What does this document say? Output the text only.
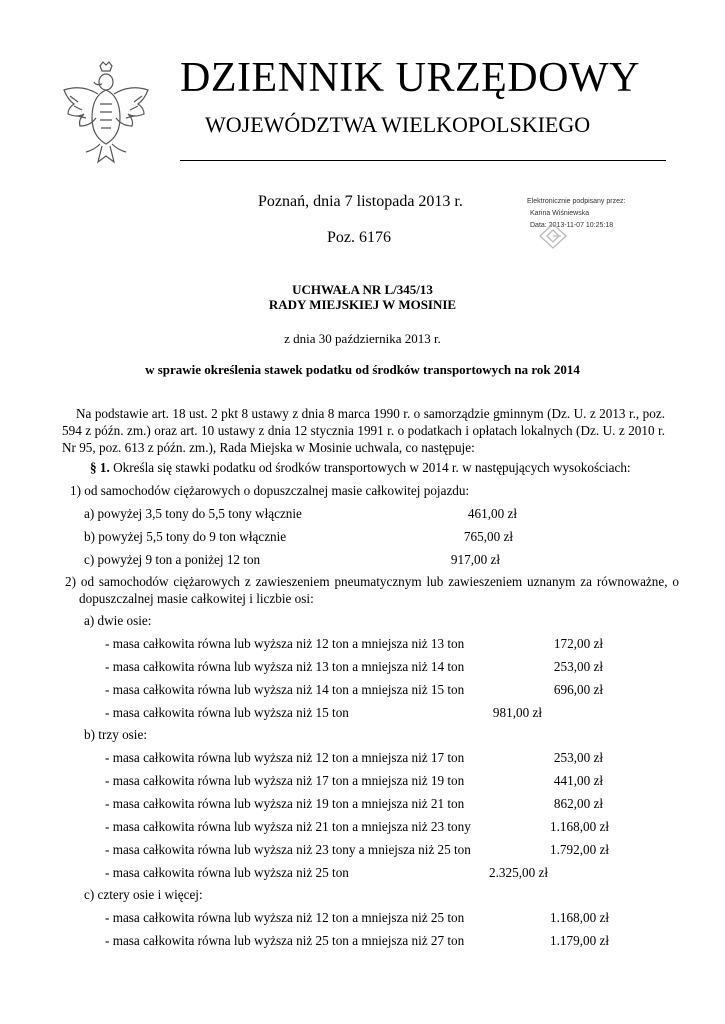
DZIENNIK URZĘDOWY
WOJEWÓDZTWA WIELKOPOLSKIEGO
Poznań, dnia 7 listopada 2013 r.
Poz. 6176
Elektronicznie podpisany przez:
Karina Wiśniewska
Data: 2013-11-07 10:25:18
UCHWAŁA NR L/345/13
RADY MIEJSKIEJ W MOSINIE
z dnia 30 października 2013 r.
w sprawie określenia stawek podatku od środków transportowych na rok 2014
Na podstawie art. 18 ust. 2 pkt 8 ustawy z dnia 8 marca 1990 r. o samorządzie gminnym (Dz. U. z 2013 r., poz. 594 z późn. zm.) oraz art. 10 ustawy z dnia 12 stycznia 1991 r. o podatkach i opłatach lokalnych (Dz. U. z 2010 r. Nr 95, poz. 613 z późn. zm.), Rada Miejska w Mosinie uchwala, co następuje:
§ 1. Określa się stawki podatku od środków transportowych w 2014 r. w następujących wysokościach:
1) od samochodów ciężarowych o dopuszczalnej masie całkowitej pojazdu:
a) powyżej 3,5 tony do 5,5 tony włącznie	461,00 zł
b) powyżej 5,5 tony do 9 ton włącznie	765,00 zł
c) powyżej 9 ton a poniżej 12 ton	917,00 zł
2) od samochodów ciężarowych z zawieszeniem pneumatycznym lub zawieszeniem uznanym za równoważne, o dopuszczalnej masie całkowitej i liczbie osi:
a) dwie osie:
- masa całkowita równa lub wyższa niż 12 ton a mniejsza niż 13 ton	172,00 zł
- masa całkowita równa lub wyższa niż 13 ton a mniejsza niż 14 ton	253,00 zł
- masa całkowita równa lub wyższa niż 14 ton a mniejsza niż 15 ton	696,00 zł
- masa całkowita równa lub wyższa niż 15 ton	981,00 zł
b) trzy osie:
- masa całkowita równa lub wyższa niż 12 ton a mniejsza niż 17 ton	253,00 zł
- masa całkowita równa lub wyższa niż 17 ton a mniejsza niż 19 ton	441,00 zł
- masa całkowita równa lub wyższa niż 19 ton a mniejsza niż 21 ton	862,00 zł
- masa całkowita równa lub wyższa niż 21 ton a mniejsza niż 23 tony	1.168,00 zł
- masa całkowita równa lub wyższa niż 23 tony a mniejsza niż 25 ton	1.792,00 zł
- masa całkowita równa lub wyższa niż 25 ton	2.325,00 zł
c) cztery osie i więcej:
- masa całkowita równa lub wyższa niż 12 ton a mniejsza niż 25 ton	1.168,00 zł
- masa całkowita równa lub wyższa niż 25 ton a mniejsza niż 27 ton	1.179,00 zł
